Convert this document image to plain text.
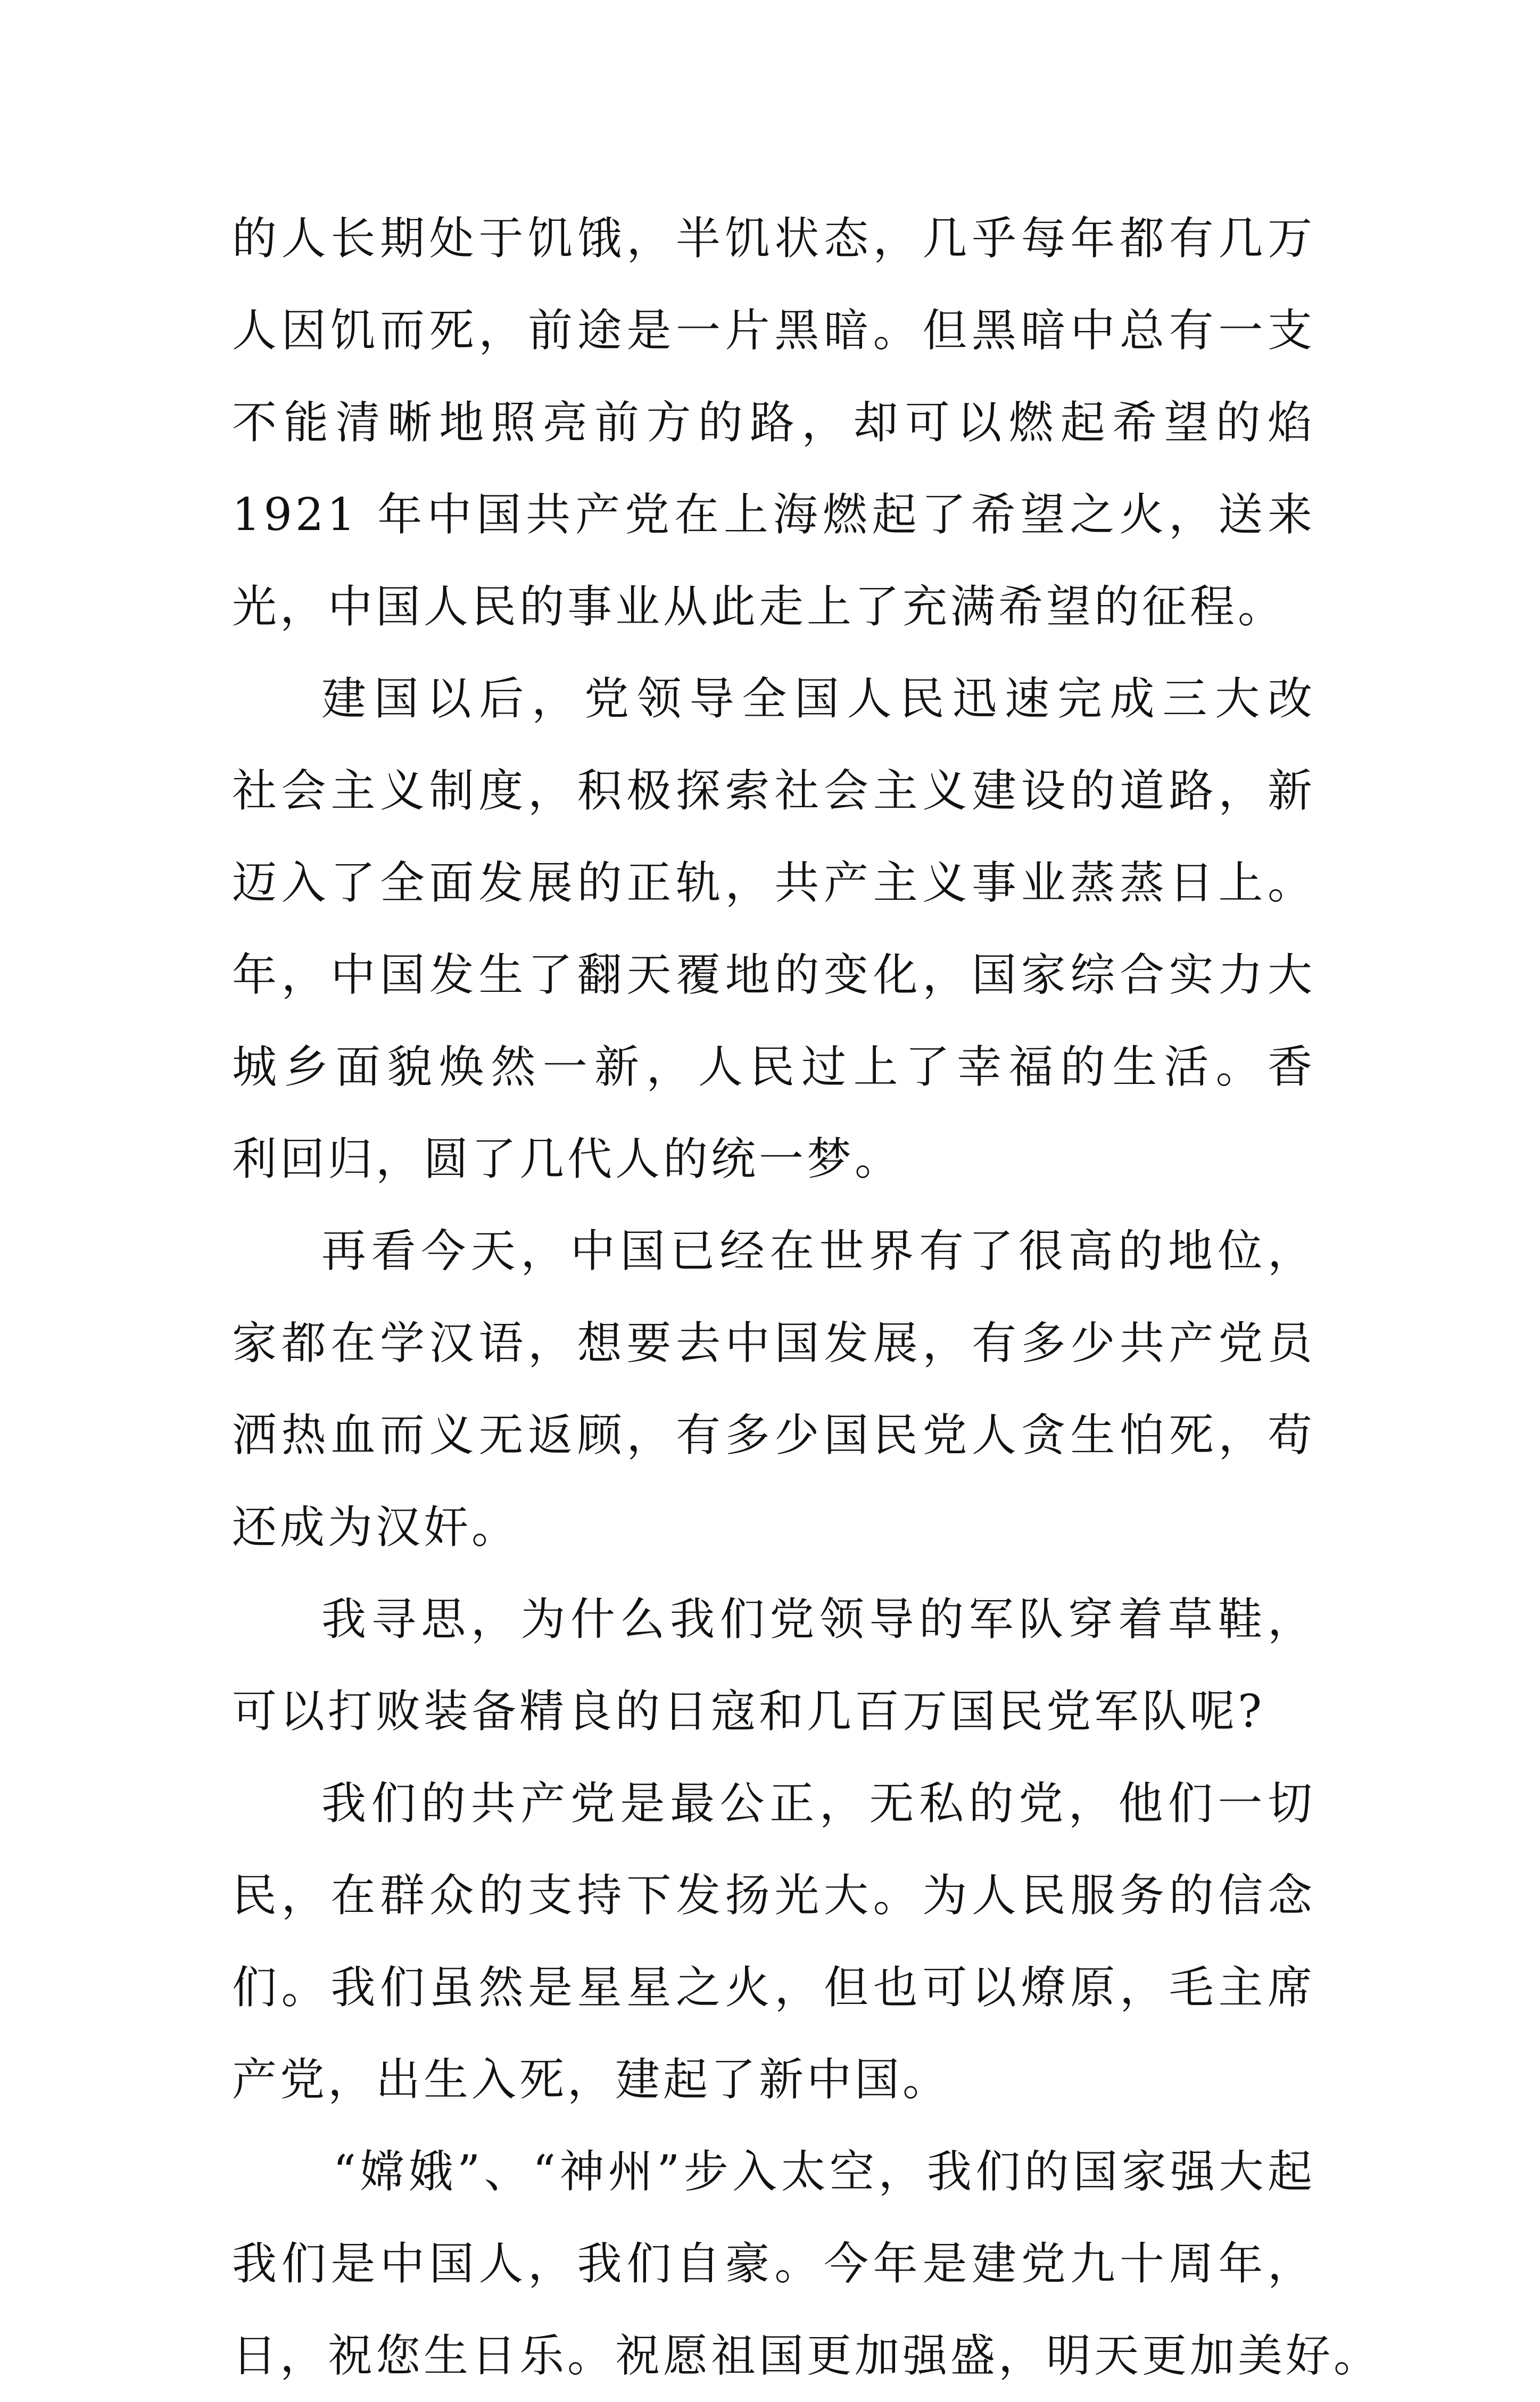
的人长期处于饥饿，半饥状态，几乎每年都有几万
人因饥而死，前途是一片黑暗。但黑暗中总有一支
不能清晰地照亮前方的路，却可以燃起希望的焰
1921 年中国共产党在上海燃起了希望之火，送来
光，中国人民的事业从此走上了充满希望的征程。
建国以后，党领导全国人民迅速完成三大改
社会主义制度，积极探索社会主义建设的道路，新
迈入了全面发展的正轨，共产主义事业蒸蒸日上。
年，中国发生了翻天覆地的变化，国家综合实力大
城乡面貌焕然一新，人民过上了幸福的生活。香
利回归，圆了几代人的统一梦。
再看今天，中国已经在世界有了很高的地位，
家都在学汉语，想要去中国发展，有多少共产党员
洒热血而义无返顾，有多少国民党人贪生怕死，苟
还成为汉奸。
我寻思，为什么我们党领导的军队穿着草鞋，
可以打败装备精良的日寇和几百万国民党军队呢?
我们的共产党是最公正，无私的党，他们一切
民，在群众的支持下发扬光大。为人民服务的信念
们。我们虽然是星星之火，但也可以燎原，毛主席
产党，出生入死，建起了新中国。
“嫦娥”、“神州”步入太空，我们的国家强大起
我们是中国人，我们自豪。今年是建党九十周年，
日，祝您生日乐。祝愿祖国更加强盛，明天更加美好。
